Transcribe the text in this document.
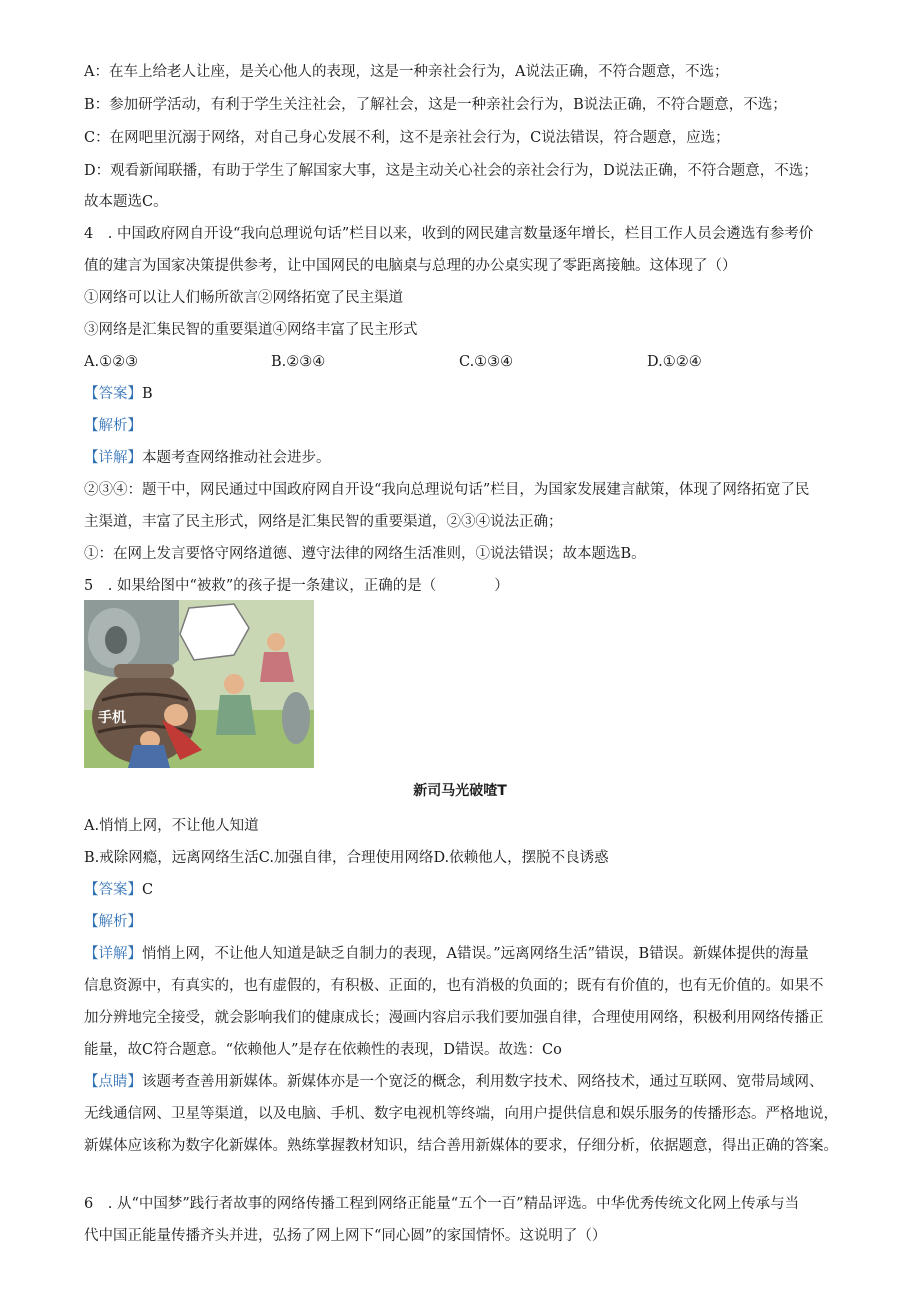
A：在车上给老人让座，是关心他人的表现，这是一种亲社会行为，A说法正确，不符合题意，不选；
B：参加研学活动，有利于学生关注社会，了解社会，这是一种亲社会行为，B说法正确，不符合题意，不选；
C：在网吧里沉溺于网络，对自己身心发展不利，这不是亲社会行为，C说法错误，符合题意，应选；
D：观看新闻联播，有助于学生了解国家大事，这是主动关心社会的亲社会行为，D说法正确，不符合题意，不选；
故本题选C。
4　. 中国政府网自开设“我向总理说句话”栏目以来，收到的网民建言数量逐年增长，栏目工作人员会遴选有参考价
值的建言为国家决策提供参考，让中国网民的电脑桌与总理的办公桌实现了零距离接触。这体现了（）
①网络可以让人们畅所欲言②网络拓宽了民主渠道
③网络是汇集民智的重要渠道④网络丰富了民主形式
A.①②③	B.②③④	C.①③④	D.①②④
【答案】B
【解析】
【详解】本题考查网络推动社会进步。
②③④：题干中，网民通过中国政府网自开设“我向总理说句话”栏目，为国家发展建言献策，体现了网络拓宽了民
主渠道，丰富了民主形式，网络是汇集民智的重要渠道，②③④说法正确；
①：在网上发言要恪守网络道德、遵守法律的网络生活准则，①说法错误；故本题选B。
5　. 如果给图中“被救”的孩子提一条建议，正确的是（　　　　）
手机
新司马光破喳T
A.悄悄上网，不让他人知道
B.戒除网瘾，远离网络生活C.加强自律，合理使用网络D.依赖他人，摆脱不良诱惑
【答案】C
【解析】
【详解】悄悄上网，不让他人知道是缺乏自制力的表现，A错误。”远离网络生活”错误，B错误。新媒体提供的海量
信息资源中，有真实的，也有虚假的，有积极、正面的，也有消极的负面的；既有有价值的，也有无价值的。如果不
加分辨地完全接受，就会影响我们的健康成长；漫画内容启示我们要加强自律，合理使用网络，积极利用网络传播正
能量，故C符合题意。“依赖他人”是存在依赖性的表现，D错误。故选：Co
【点睛】该题考查善用新媒体。新媒体亦是一个宽泛的概念，利用数字技术、网络技术，通过互联网、宽带局域网、
无线通信网、卫星等渠道，以及电脑、手机、数字电视机等终端，向用户提供信息和娱乐服务的传播形态。严格地说，
新媒体应该称为数字化新媒体。熟练掌握教材知识，结合善用新媒体的要求，仔细分析，依据题意，得出正确的答案。
6　. 从“中国梦”践行者故事的网络传播工程到网络正能量“五个一百”精品评选。中华优秀传统文化网上传承与当
代中国正能量传播齐头并进，弘扬了网上网下“同心圆”的家国情怀。这说明了（）
